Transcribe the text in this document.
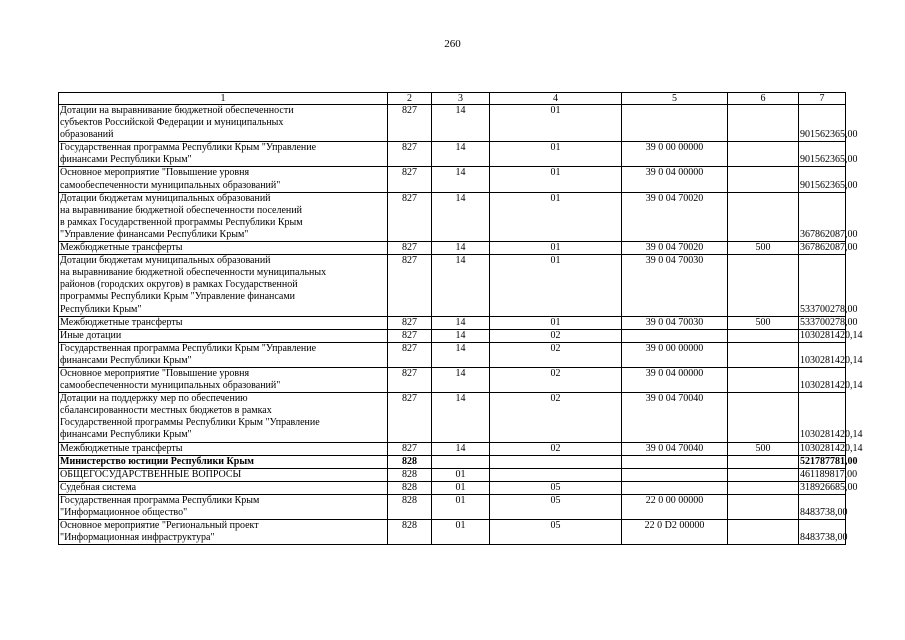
260
1	2	3	4	5	6	7
Дотации на выравнивание бюджетной обеспеченности
субъектов Российской Федерации и муниципальных
образований	827	14	01			901562365,00
Государственная программа Республики Крым "Управление
финансами Республики Крым"	827	14	01	39 0 00 00000		901562365,00
Основное мероприятие "Повышение уровня
самообеспеченности муниципальных образований"	827	14	01	39 0 04 00000		901562365,00
Дотации бюджетам муниципальных образований
на выравнивание бюджетной обеспеченности поселений
в рамках Государственной программы Республики Крым
"Управление финансами Республики Крым"	827	14	01	39 0 04 70020		367862087,00
Межбюджетные трансферты	827	14	01	39 0 04 70020	500	367862087,00
Дотации бюджетам муниципальных образований
на выравнивание бюджетной обеспеченности муниципальных
районов (городских округов) в рамках Государственной
программы Республики Крым "Управление финансами
Республики Крым"	827	14	01	39 0 04 70030		533700278,00
Межбюджетные трансферты	827	14	01	39 0 04 70030	500	533700278,00
Иные дотации	827	14	02			1030281420,14
Государственная программа Республики Крым "Управление
финансами Республики Крым"	827	14	02	39 0 00 00000		1030281420,14
Основное мероприятие "Повышение уровня
самообеспеченности муниципальных образований"	827	14	02	39 0 04 00000		1030281420,14
Дотации на поддержку мер по обеспечению
сбалансированности местных бюджетов в рамках
Государственной программы Республики Крым "Управление
финансами Республики Крым"	827	14	02	39 0 04 70040		1030281420,14
Межбюджетные трансферты	827	14	02	39 0 04 70040	500	1030281420,14
Министерство юстиции Республики Крым	828					521787781,00
ОБЩЕГОСУДАРСТВЕННЫЕ ВОПРОСЫ	828	01				461189817,00
Судебная система	828	01	05			318926685,00
Государственная программа Республики Крым
"Информационное общество"	828	01	05	22 0 00 00000		8483738,00
Основное мероприятие "Региональный проект
"Информационная инфраструктура"	828	01	05	22 0 D2 00000		8483738,00
